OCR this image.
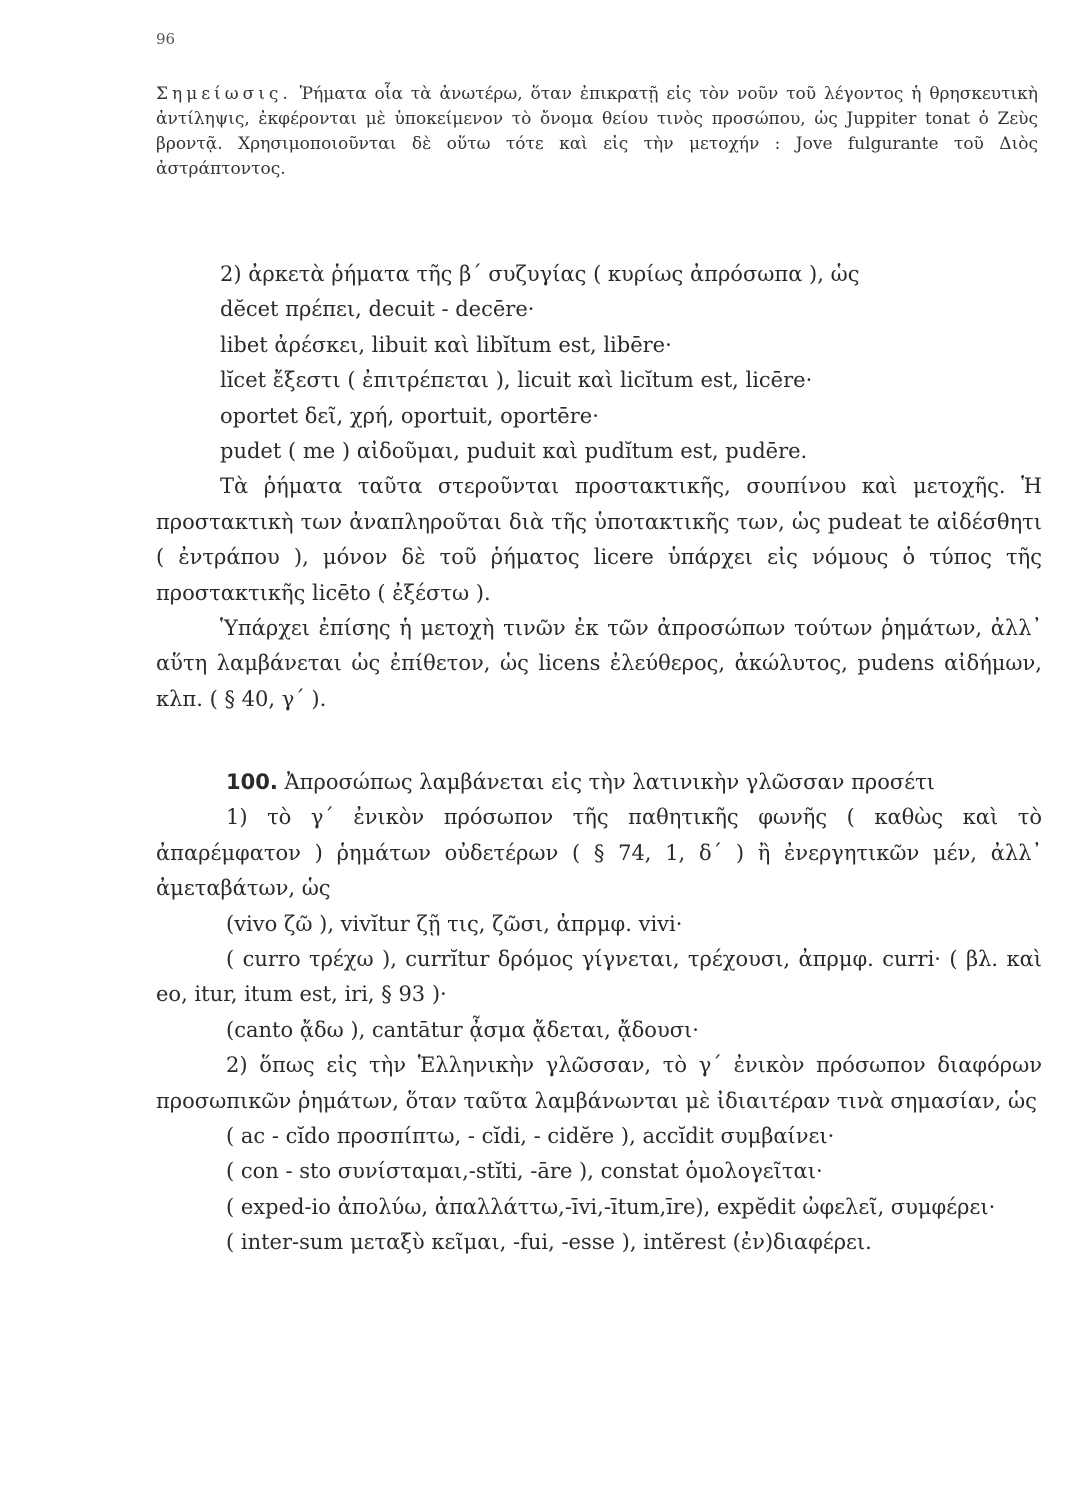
96
Σημείωσις. Ῥήματα οἷα τὰ ἀνωτέρω, ὅταν ἐπικρατῇ εἰς τὸν νοῦν τοῦ λέγοντος ἡ θρησκευτικὴ ἀντίληψις, ἐκφέρονται μὲ ὑποκείμενον τὸ ὄνομα θείου τινὸς προσώπου, ὡς Juppiter tonat ὁ Ζεὺς βροντᾷ. Χρησιμοποιοῦνται δὲ οὕτω τότε καὶ εἰς τὴν μετοχήν : Jove fulgurante τοῦ Διὸς ἀστράπτοντος.
2) ἀρκετὰ ῥήματα τῆς β΄ συζυγίας ( κυρίως ἀπρόσωπα ), ὡς
dĕcet πρέπει, decuit - decēre·
libet ἀρέσκει, libuit καὶ libĭtum est, libēre·
lĭcet ἔξεστι ( ἐπιτρέπεται ), licuit καὶ licĭtum est, licēre·
oportet δεῖ, χρή, oportuit, oportēre·
pudet ( me ) αἰδοῦμαι, puduit καὶ pudĭtum est, pudēre.
Τὰ ῥήματα ταῦτα στεροῦνται προστακτικῆς, σουπίνου καὶ μετοχῆς. Ἡ προστακτικὴ των ἀναπληροῦται διὰ τῆς ὑποτακτικῆς των, ὡς pudeat te αἰδέσθητι ( ἐντράπου ), μόνον δὲ τοῦ ῥήματος licere ὑπάρχει εἰς νόμους ὁ τύπος τῆς προστακτικῆς licēto ( ἐξέστω ).
Ὑπάρχει ἐπίσης ἡ μετοχὴ τινῶν ἐκ τῶν ἀπροσώπων τούτων ῥημάτων, ἀλλ᾿ αὕτη λαμβάνεται ὡς ἐπίθετον, ὡς licens ἐλεύθερος, ἀκώλυτος, pudens αἰδήμων, κλπ. ( § 40, γ΄ ).
100. Ἀπροσώπως λαμβάνεται εἰς τὴν λατινικὴν γλῶσσαν προσέτι
1) τὸ γ΄ ἐνικὸν πρόσωπον τῆς παθητικῆς φωνῆς ( καθὼς καὶ τὸ ἀπαρέμφατον ) ῥημάτων οὐδετέρων ( § 74, 1, δ΄ ) ἢ ἐνεργητικῶν μέν, ἀλλ᾿ ἀμεταβάτων, ὡς
(vivo ζῶ ), vivĭtur ζῇ τις, ζῶσι, ἀπρμφ. vivi·
( curro τρέχω ), currĭtur δρόμος γίγνεται, τρέχουσι, ἀπρμφ. curri· ( βλ. καὶ eo, itur, itum est, iri, § 93 )·
(canto ᾄδω ), cantātur ᾆσμα ᾄδεται, ᾄδουσι·
2) ὅπως εἰς τὴν Ἑλληνικὴν γλῶσσαν, τὸ γ΄ ἐνικὸν πρόσωπον διαφόρων προσωπικῶν ῥημάτων, ὅταν ταῦτα λαμβάνωνται μὲ ἰδιαιτέραν τινὰ σημασίαν, ὡς
( ac - cĭdo προσπίπτω, - cĭdi, - cidĕre ), accĭdit συμβαίνει·
( con - sto συνίσταμαι,-stĭti, -āre ), constat ὁμολογεῖται·
( exped-io ἀπολύω, ἀπαλλάττω,-īvi,-ītum,īre), expĕdit ὠφελεῖ, συμφέρει·
( inter-sum μεταξὺ κεῖμαι, -fui, -esse ), intĕrest (ἐν)διαφέρει.
